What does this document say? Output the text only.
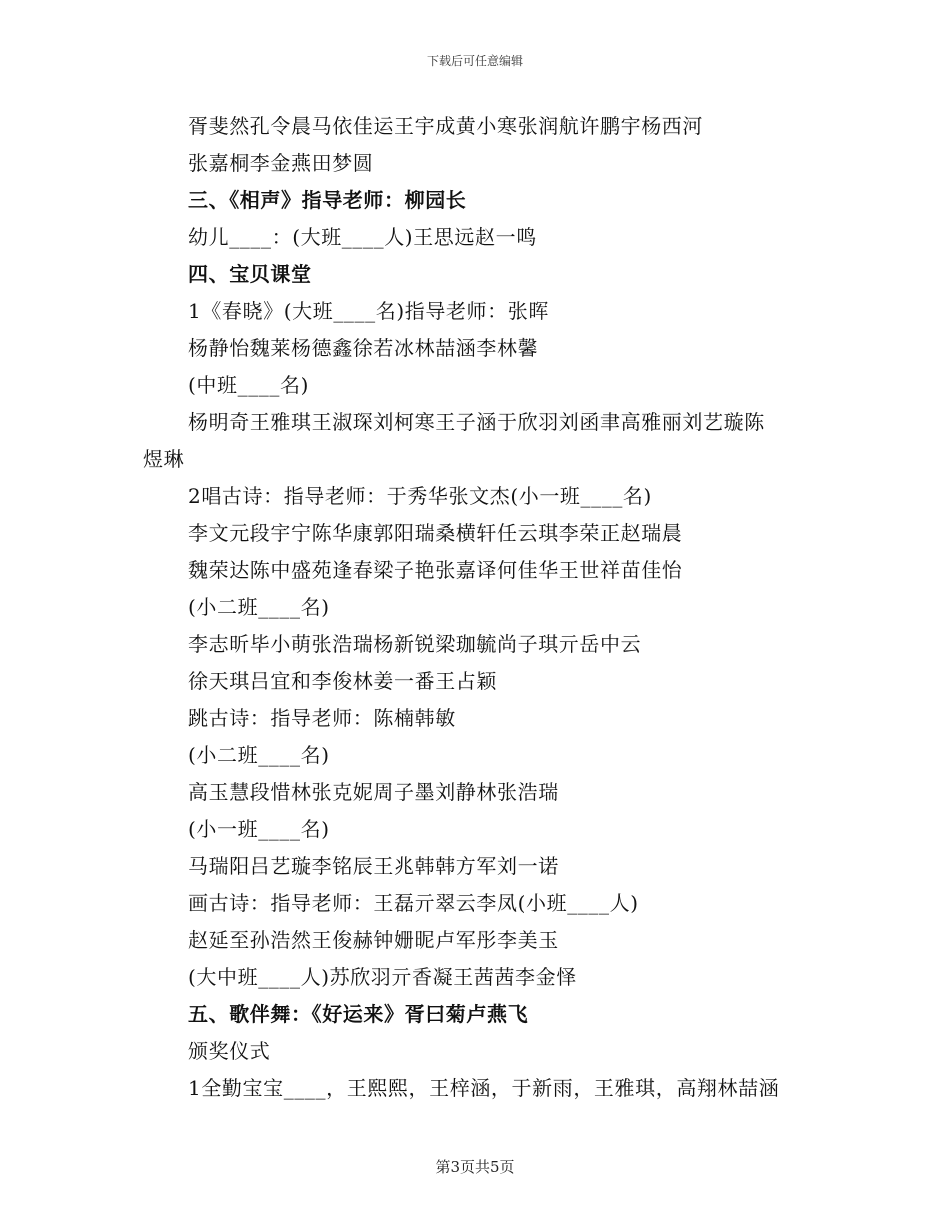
下载后可任意编辑
胥斐然孔令晨马依佳运王宇成黄小寒张润航许鹏宇杨西河
张嘉桐李金燕田梦圆
三、《相声》指导老师：柳园长
幼儿____：(大班____人)王思远赵一鸣
四、宝贝课堂
1《春晓》(大班____名)指导老师：张晖
杨静怡魏莱杨德鑫徐若冰林喆涵李林馨
(中班____名)
杨明奇王雅琪王淑琛刘柯寒王子涵于欣羽刘函聿高雅丽刘艺璇陈
煜琳
2唱古诗：指导老师：于秀华张文杰(小一班____名)
李文元段宇宁陈华康郭阳瑞桑横轩任云琪李荣正赵瑞晨
魏荣达陈中盛苑逢春梁子艳张嘉译何佳华王世祥苗佳怡
(小二班____名)
李志昕毕小萌张浩瑞杨新锐梁珈毓尚子琪亓岳中云
徐天琪吕宜和李俊林姜一番王占颖
跳古诗：指导老师：陈楠韩敏
(小二班____名)
高玉慧段惜林张克妮周子墨刘静林张浩瑞
(小一班____名)
马瑞阳吕艺璇李铭辰王兆韩韩方军刘一诺
画古诗：指导老师：王磊亓翠云李凤(小班____人)
赵延至孙浩然王俊赫钟姗昵卢军彤李美玉
(大中班____人)苏欣羽亓香凝王茜茜李金怿
五、歌伴舞：《好运来》胥曰菊卢燕飞
颁奖仪式
1全勤宝宝____，王熙熙，王梓涵，于新雨，王雅琪，高翔林喆涵
第3页共5页
